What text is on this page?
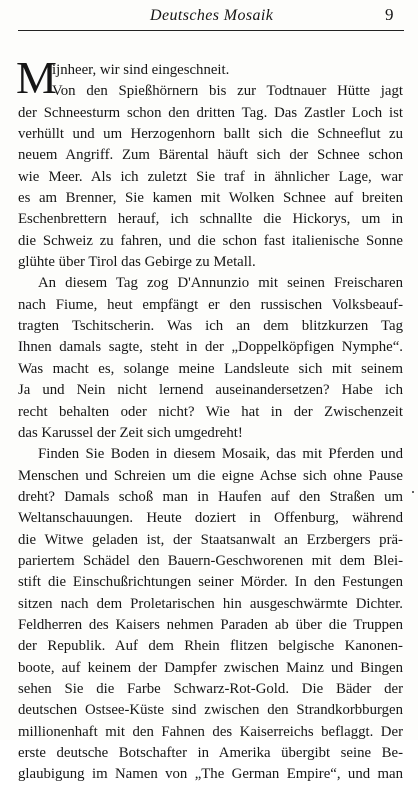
Deutsches Mosaik	9
M
ijnheer, wir sind eingeschneit.
Von den Spießhörnern bis zur Todtnauer Hütte jagt
der Schneesturm schon den dritten Tag. Das Zastler Loch ist
verhüllt und um Herzogenhorn ballt sich die Schneeflut zu
neuem Angriff. Zum Bärental häuft sich der Schnee schon
wie Meer. Als ich zuletzt Sie traf in ähnlicher Lage, war
es am Brenner, Sie kamen mit Wolken Schnee auf breiten
Eschenbrettern herauf, ich schnallte die Hickorys, um in
die Schweiz zu fahren, und die schon fast italienische Sonne
glühte über Tirol das Gebirge zu Metall.
An diesem Tag zog D'Annunzio mit seinen Freischaren
nach Fiume, heut empfängt er den russischen Volksbeauf-
tragten Tschitscherin. Was ich an dem blitzkurzen Tag
Ihnen damals sagte, steht in der „Doppelköpfigen Nymphe“.
Was macht es, solange meine Landsleute sich mit seinem
Ja und Nein nicht lernend auseinandersetzen? Habe ich
recht behalten oder nicht? Wie hat in der Zwischenzeit
das Karussel der Zeit sich umgedreht!
Finden Sie Boden in diesem Mosaik, das mit Pferden und
Menschen und Schreien um die eigne Achse sich ohne Pause
dreht? Damals schoß man in Haufen auf den Straßen um
Weltanschauungen. Heute doziert in Offenburg, während
die Witwe geladen ist, der Staatsanwalt an Erzbergers prä-
pariertem Schädel den Bauern-Geschworenen mit dem Blei-
stift die Einschußrichtungen seiner Mörder. In den Festungen
sitzen nach dem Proletarischen hin ausgeschwärmte Dichter.
Feldherren des Kaisers nehmen Paraden ab über die Truppen
der Republik. Auf dem Rhein flitzen belgische Kanonen-
boote, auf keinem der Dampfer zwischen Mainz und Bingen
sehen Sie die Farbe Schwarz-Rot-Gold. Die Bäder der
deutschen Ostsee-Küste sind zwischen den Strandkorbburgen
millionenhaft mit den Fahnen des Kaiserreichs beflaggt. Der
erste deutsche Botschafter in Amerika übergibt seine Be-
glaubigung im Namen von „The German Empire“, und man
